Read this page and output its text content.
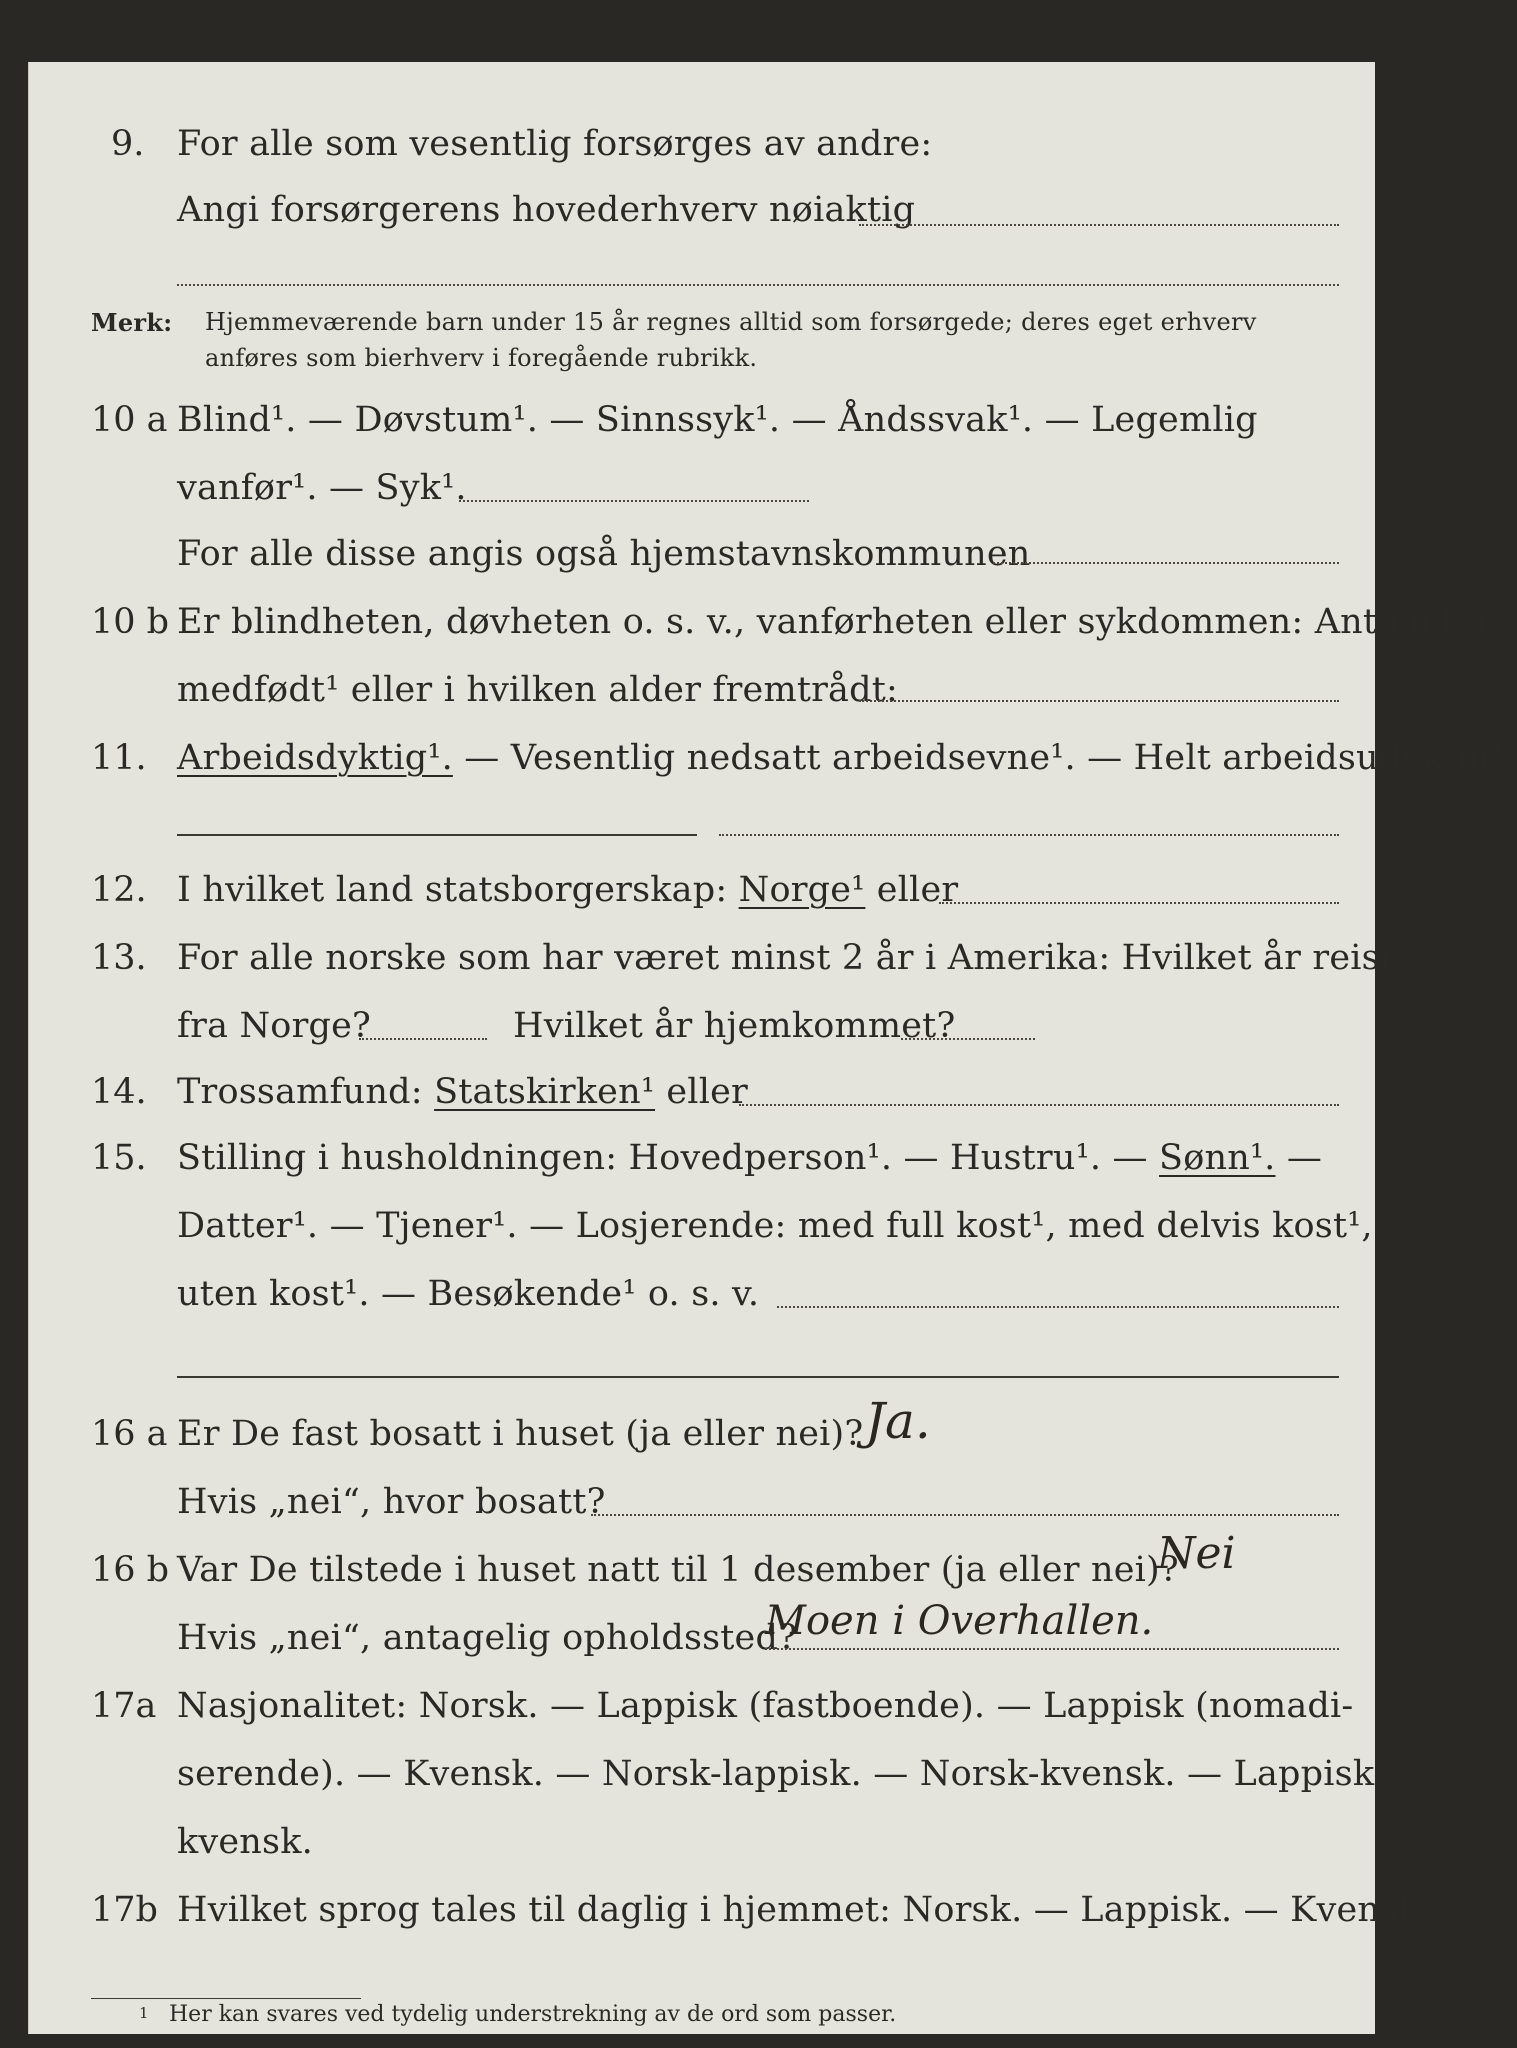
9. For alle som vesentlig forsørges av andre:
Angi forsørgerens hovederhverv nøiaktig
Merk: Hjemmeværende barn under 15 år regnes alltid som forsørgede; deres eget erhverv
anføres som bierhverv i foregående rubrikk.
10 a Blind¹. — Døvstum¹. — Sinnssyk¹. — Åndssvak¹. — Legemlig
vanfør¹. — Syk¹.
For alle disse angis også hjemstavnskommunen
10 b Er blindheten, døvheten o. s. v., vanførheten eller sykdommen: Antagelig
medfødt¹ eller i hvilken alder fremtrådt:
11. Arbeidsdyktig¹. — Vesentlig nedsatt arbeidsevne¹. — Helt arbeidsudyktig¹.
12. I hvilket land statsborgerskap: Norge¹ eller
13. For alle norske som har været minst 2 år i Amerika: Hvilket år reist
fra Norge?	Hvilket år hjemkommet?
14. Trossamfund: Statskirken¹ eller
15. Stilling i husholdningen: Hovedperson¹. — Hustru¹. — Sønn¹. —
Datter¹. — Tjener¹. — Losjerende: med full kost¹, med delvis kost¹,
uten kost¹. — Besøkende¹ o. s. v.
16 a Er De fast bosatt i huset (ja eller nei)? Ja.
Hvis „nei“, hvor bosatt?
16 b Var De tilstede i huset natt til 1 desember (ja eller nei)?
Nei
Hvis „nei“, antagelig opholdssted?
Moen i Overhallen.
17a Nasjonalitet: Norsk. — Lappisk (fastboende). — Lappisk (nomadi-
serende). — Kvensk. — Norsk-lappisk. — Norsk-kvensk. — Lappisk-
kvensk.
17b Hvilket sprog tales til daglig i hjemmet: Norsk. — Lappisk. — Kvensk.
1 Her kan svares ved tydelig understrekning av de ord som passer.
